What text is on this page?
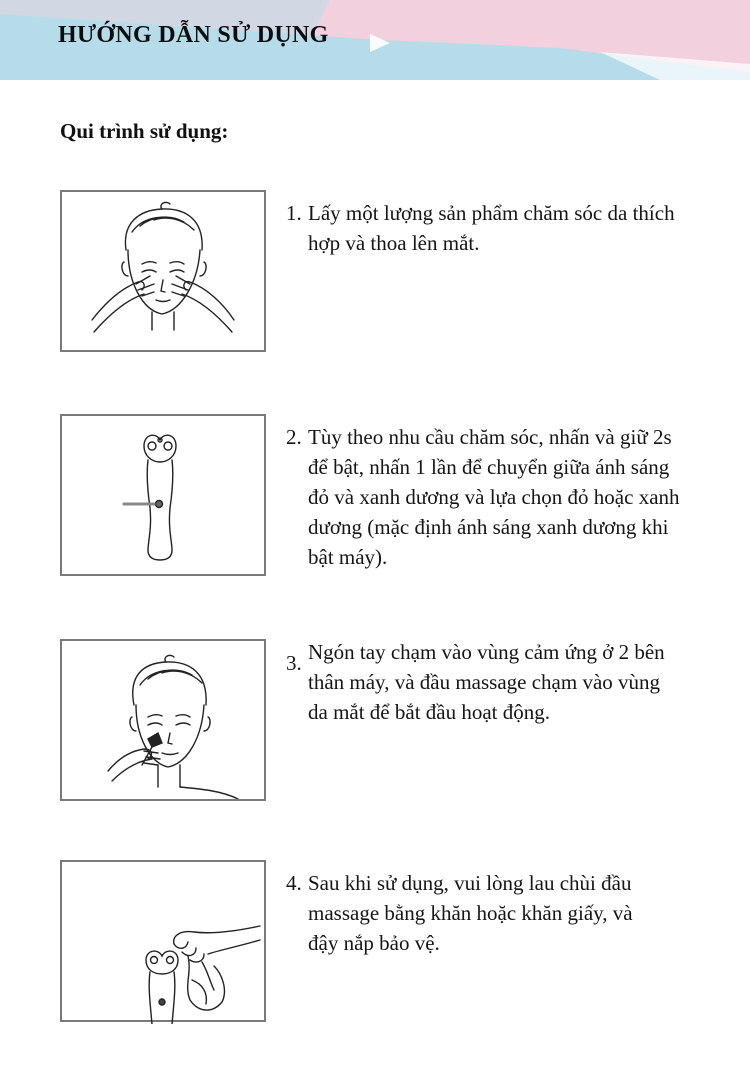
HƯỚNG DẪN SỬ DỤNG
Qui trình sử dụng:
1. Lấy một lượng sản phẩm chăm sóc da thích
hợp và thoa lên mắt.
2. Tùy theo nhu cầu chăm sóc, nhấn và giữ 2s
để bật, nhấn 1 lần để chuyển giữa ánh sáng
đỏ và xanh dương và lựa chọn đỏ hoặc xanh
dương (mặc định ánh sáng xanh dương khi
bật máy).
3. Ngón tay chạm vào vùng cảm ứng ở 2 bên
thân máy, và đầu massage chạm vào vùng
da mắt để bắt đầu hoạt động.
4. Sau khi sử dụng, vui lòng lau chùi đầu
massage bằng khăn hoặc khăn giấy, và
đậy nắp bảo vệ.
